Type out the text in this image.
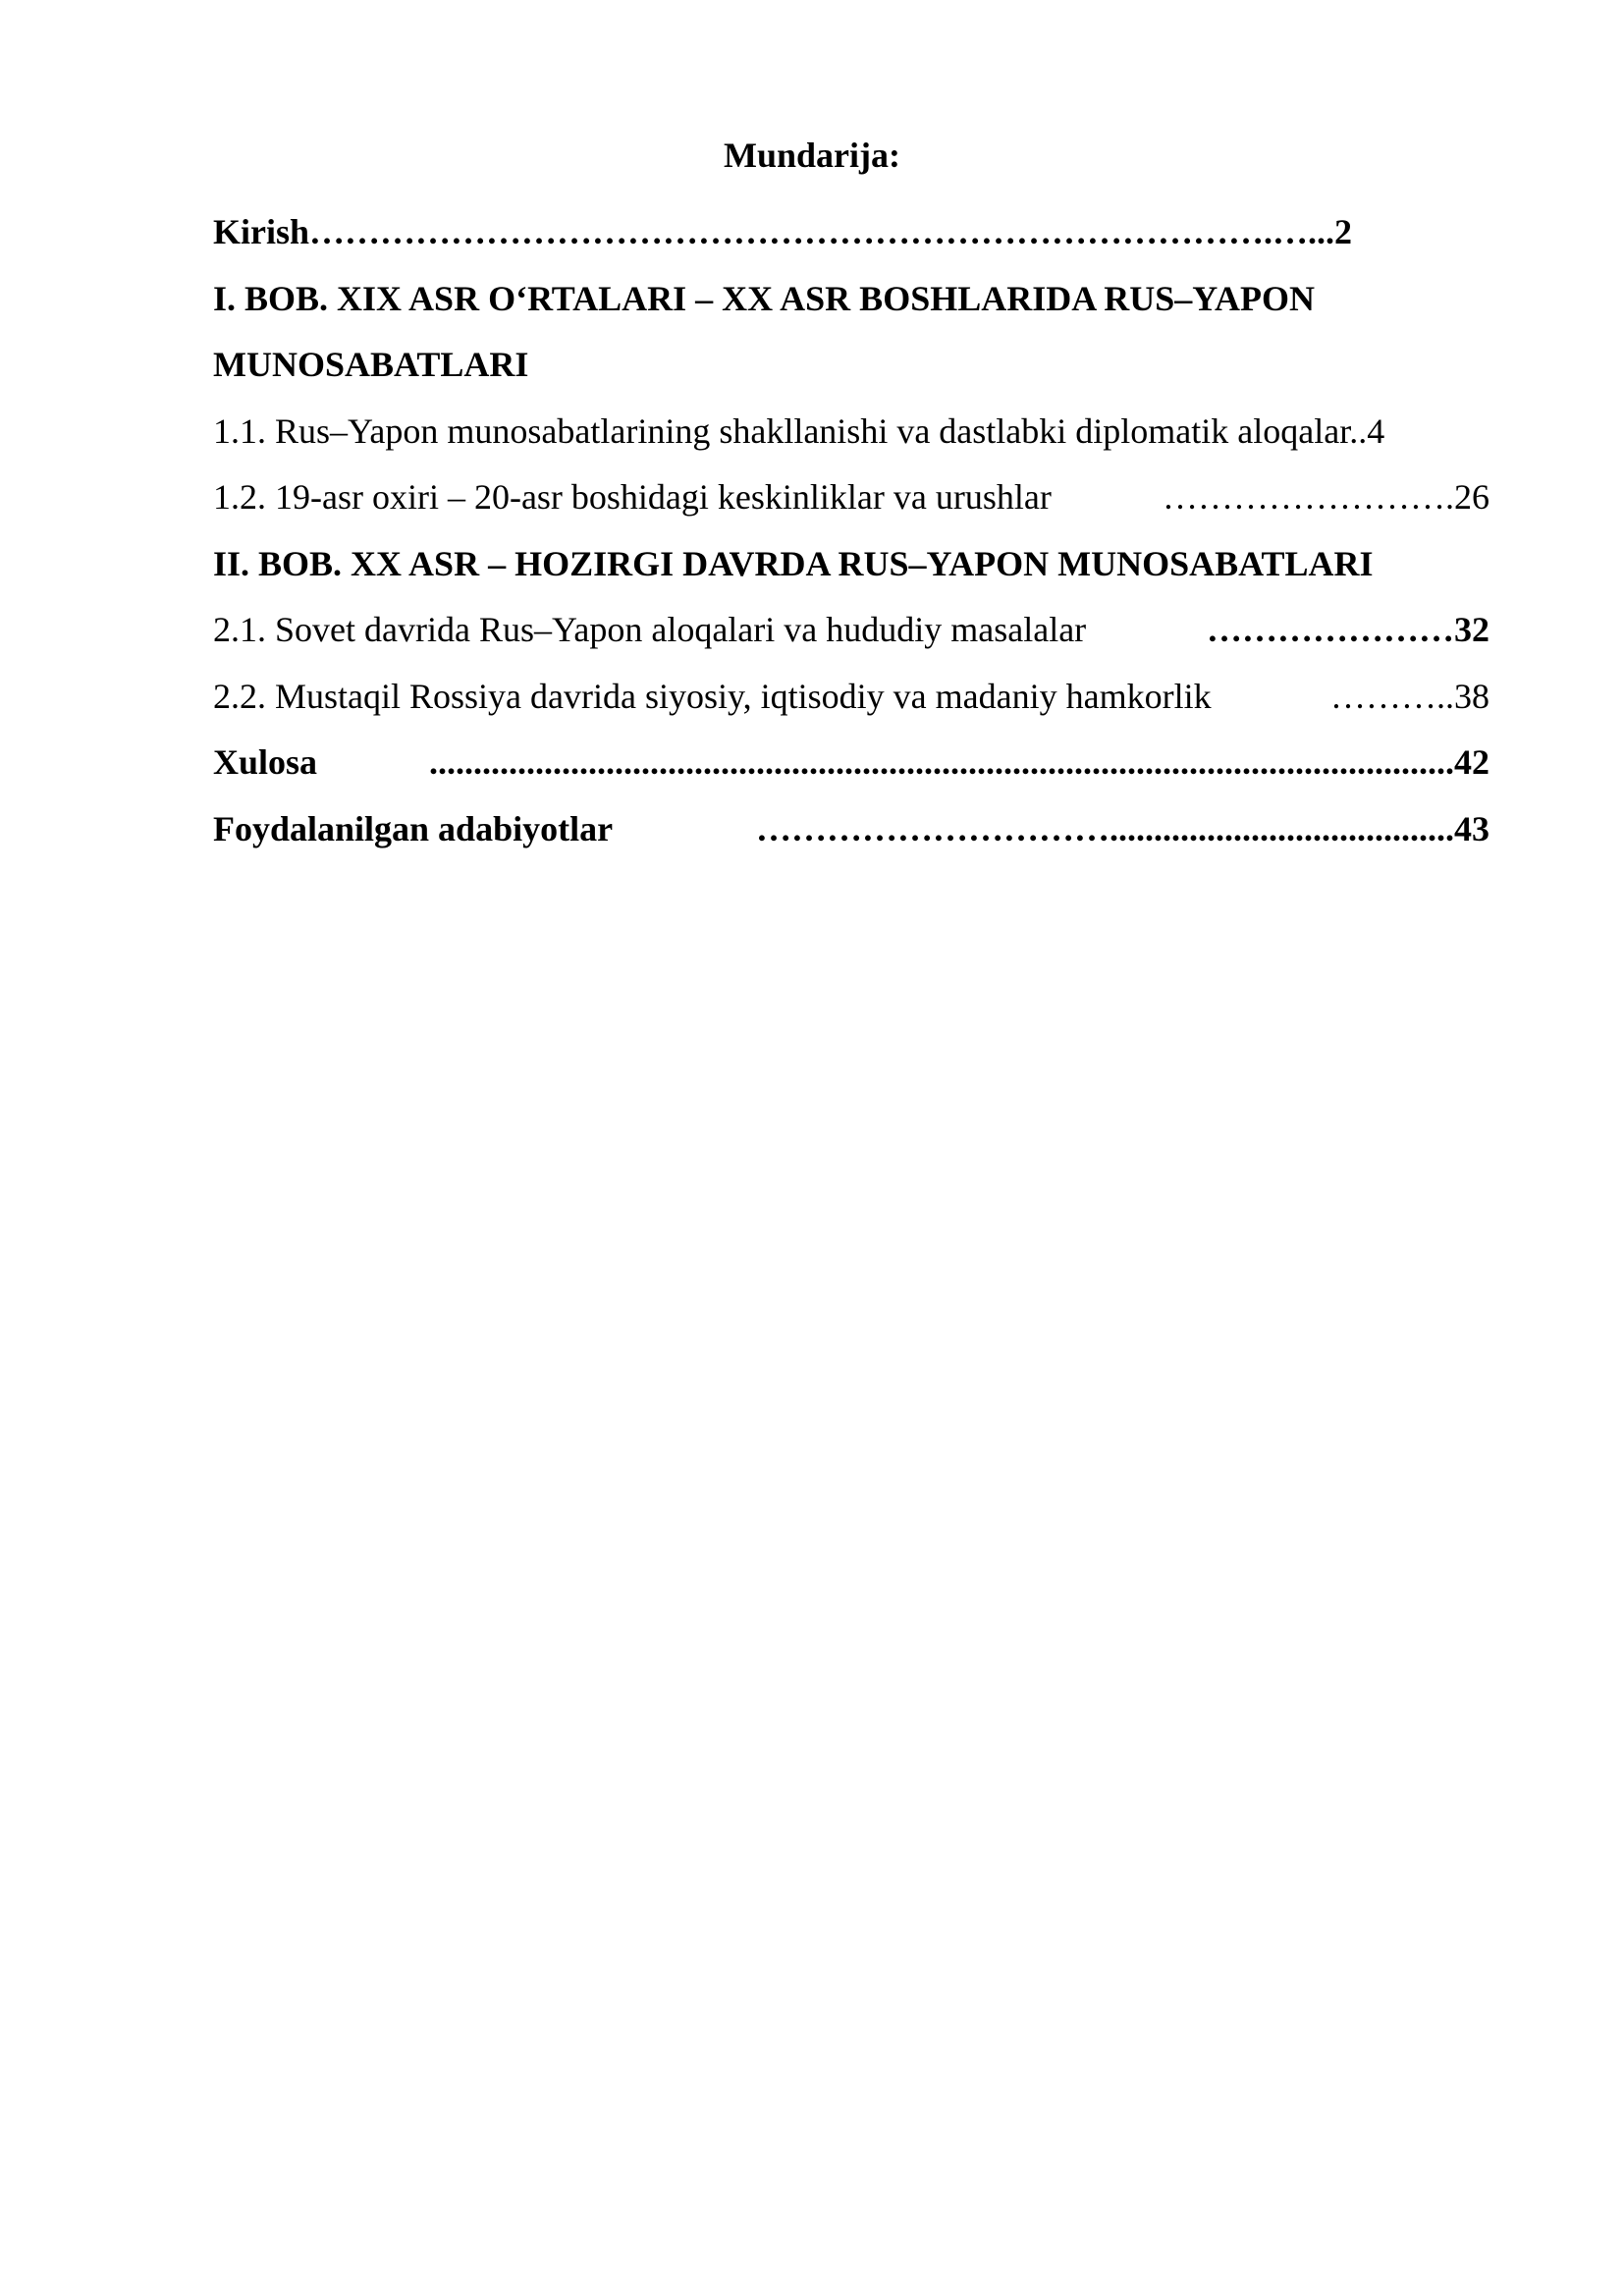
Mundarija:
Kirish……………………………………………………………………….…...2
I. BOB. XIX ASR O‘RTALARI – XX ASR BOSHLARIDA RUS–YAPON
MUNOSABATLARI
1.1. Rus–Yapon munosabatlarining shakllanishi va dastlabki diplomatik aloqalar..4
1.2. 19-asr oxiri – 20-asr boshidagi keskinliklar va urushlar	…………………….26
II. BOB. XX ASR – HOZIRGI DAVRDA RUS–YAPON MUNOSABATLARI
2.1. Sovet davrida Rus–Yapon aloqalari va hududiy masalalar	…………………32
2.2. Mustaqil Rossiya davrida siyosiy, iqtisodiy va madaniy hamkorlik	………..38
Xulosa	....................................................................................................................42
Foydalanilgan adabiyotlar	………………………….......................................43
